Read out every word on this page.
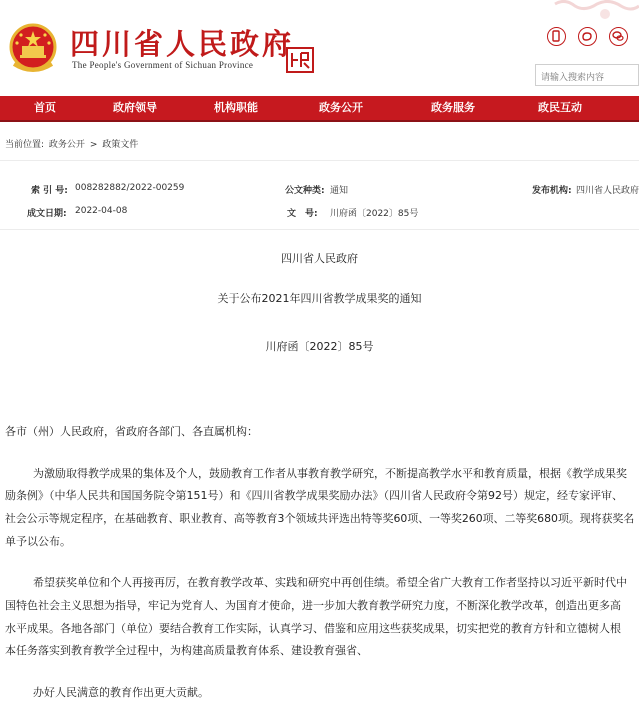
四川省人民政府
The People's Government of Sichuan Province
请输入搜索内容
首页	政府领导	机构职能	政务公开	政务服务	政民互动
当前位置: 政务公开 > 政策文件
索 引 号: 008282882/2022-00259	公文种类: 通知	发布机构: 四川省人民政府
成文日期: 2022-04-08	文　号: 川府函〔2022〕85号
四川省人民政府
关于公布2021年四川省教学成果奖的通知
川府函〔2022〕85号
各市（州）人民政府，省政府各部门、各直属机构：
为激励取得教学成果的集体及个人，鼓励教育工作者从事教育教学研究，不断提高教学水平和教育质量，根据《教学成果奖
励条例》（中华人民共和国国务院令第151号）和《四川省教学成果奖励办法》（四川省人民政府令第92号）规定，经专家评审、
社会公示等规定程序，在基础教育、职业教育、高等教育3个领域共评选出特等奖60项、一等奖260项、二等奖680项。现将获奖名
单予以公布。
希望获奖单位和个人再接再厉，在教育教学改革、实践和研究中再创佳绩。希望全省广大教育工作者坚持以习近平新时代中
国特色社会主义思想为指导，牢记为党育人、为国育才使命，进一步加大教育教学研究力度，不断深化教学改革，创造出更多高
水平成果。各地各部门（单位）要结合教育工作实际，认真学习、借鉴和应用这些获奖成果，切实把党的教育方针和立德树人根
本任务落实到教育教学全过程中，为构建高质量教育体系、建设教育强省、
办好人民满意的教育作出更大贡献。
